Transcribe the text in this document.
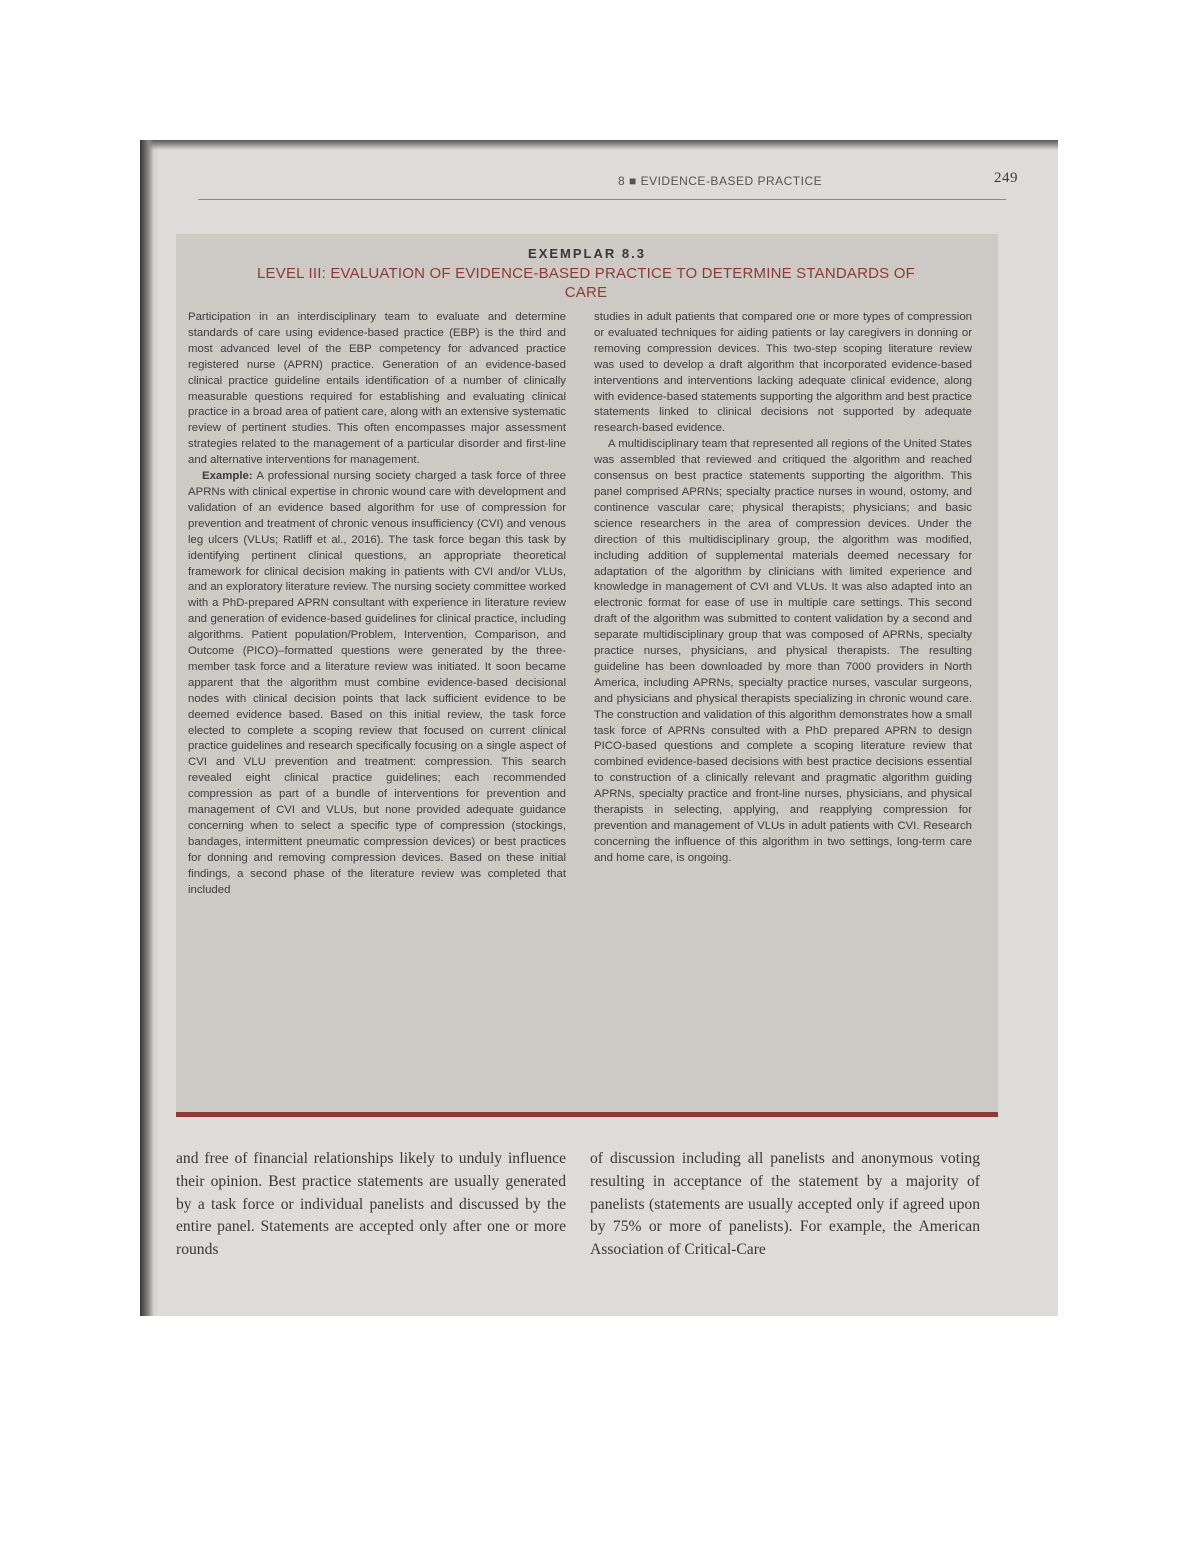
8 ■ EVIDENCE-BASED PRACTICE	249
EXEMPLAR 8.3
LEVEL III: EVALUATION OF EVIDENCE-BASED PRACTICE TO DETERMINE STANDARDS OF CARE

Participation in an interdisciplinary team to evaluate and determine standards of care using evidence-based practice (EBP) is the third and most advanced level of the EBP competency for advanced practice registered nurse (APRN) practice. Generation of an evidence-based clinical practice guideline entails identification of a number of clinically measurable questions required for establishing and evaluating clinical practice in a broad area of patient care, along with an extensive systematic review of pertinent studies. This often encompasses major assessment strategies related to the management of a particular disorder and first-line and alternative interventions for management.

Example: A professional nursing society charged a task force of three APRNs with clinical expertise in chronic wound care with development and validation of an evidence based algorithm for use of compression for prevention and treatment of chronic venous insufficiency (CVI) and venous leg ulcers (VLUs; Ratliff et al., 2016). The task force began this task by identifying pertinent clinical questions, an appropriate theoretical framework for clinical decision making in patients with CVI and/or VLUs, and an exploratory literature review. The nursing society committee worked with a PhD-prepared APRN consultant with experience in literature review and generation of evidence-based guidelines for clinical practice, including algorithms. Patient population/Problem, Intervention, Comparison, and Outcome (PICO)–formatted questions were generated by the three-member task force and a literature review was initiated. It soon became apparent that the algorithm must combine evidence-based decisional nodes with clinical decision points that lack sufficient evidence to be deemed evidence based. Based on this initial review, the task force elected to complete a scoping review that focused on current clinical practice guidelines and research specifically focusing on a single aspect of CVI and VLU prevention and treatment: compression. This search revealed eight clinical practice guidelines; each recommended compression as part of a bundle of interventions for prevention and management of CVI and VLUs, but none provided adequate guidance concerning when to select a specific type of compression (stockings, bandages, intermittent pneumatic compression devices) or best practices for donning and removing compression devices. Based on these initial findings, a second phase of the literature review was completed that included

studies in adult patients that compared one or more types of compression or evaluated techniques for aiding patients or lay caregivers in donning or removing compression devices. This two-step scoping literature review was used to develop a draft algorithm that incorporated evidence-based interventions and interventions lacking adequate clinical evidence, along with evidence-based statements supporting the algorithm and best practice statements linked to clinical decisions not supported by adequate research-based evidence.

A multidisciplinary team that represented all regions of the United States was assembled that reviewed and critiqued the algorithm and reached consensus on best practice statements supporting the algorithm. This panel comprised APRNs; specialty practice nurses in wound, ostomy, and continence vascular care; physical therapists; physicians; and basic science researchers in the area of compression devices. Under the direction of this multidisciplinary group, the algorithm was modified, including addition of supplemental materials deemed necessary for adaptation of the algorithm by clinicians with limited experience and knowledge in management of CVI and VLUs. It was also adapted into an electronic format for ease of use in multiple care settings. This second draft of the algorithm was submitted to content validation by a second and separate multidisciplinary group that was composed of APRNs, specialty practice nurses, physicians, and physical therapists. The resulting guideline has been downloaded by more than 7000 providers in North America, including APRNs, specialty practice nurses, vascular surgeons, and physicians and physical therapists specializing in chronic wound care. The construction and validation of this algorithm demonstrates how a small task force of APRNs consulted with a PhD prepared APRN to design PICO-based questions and complete a scoping literature review that combined evidence-based decisions with best practice decisions essential to construction of a clinically relevant and pragmatic algorithm guiding APRNs, specialty practice and front-line nurses, physicians, and physical therapists in selecting, applying, and reapplying compression for prevention and management of VLUs in adult patients with CVI. Research concerning the influence of this algorithm in two settings, long-term care and home care, is ongoing.

and free of financial relationships likely to unduly influence their opinion. Best practice statements are usually generated by a task force or individual panelists and discussed by the entire panel. Statements are accepted only after one or more rounds

of discussion including all panelists and anonymous voting resulting in acceptance of the statement by a majority of panelists (statements are usually accepted only if agreed upon by 75% or more of panelists). For example, the American Association of Critical-Care
